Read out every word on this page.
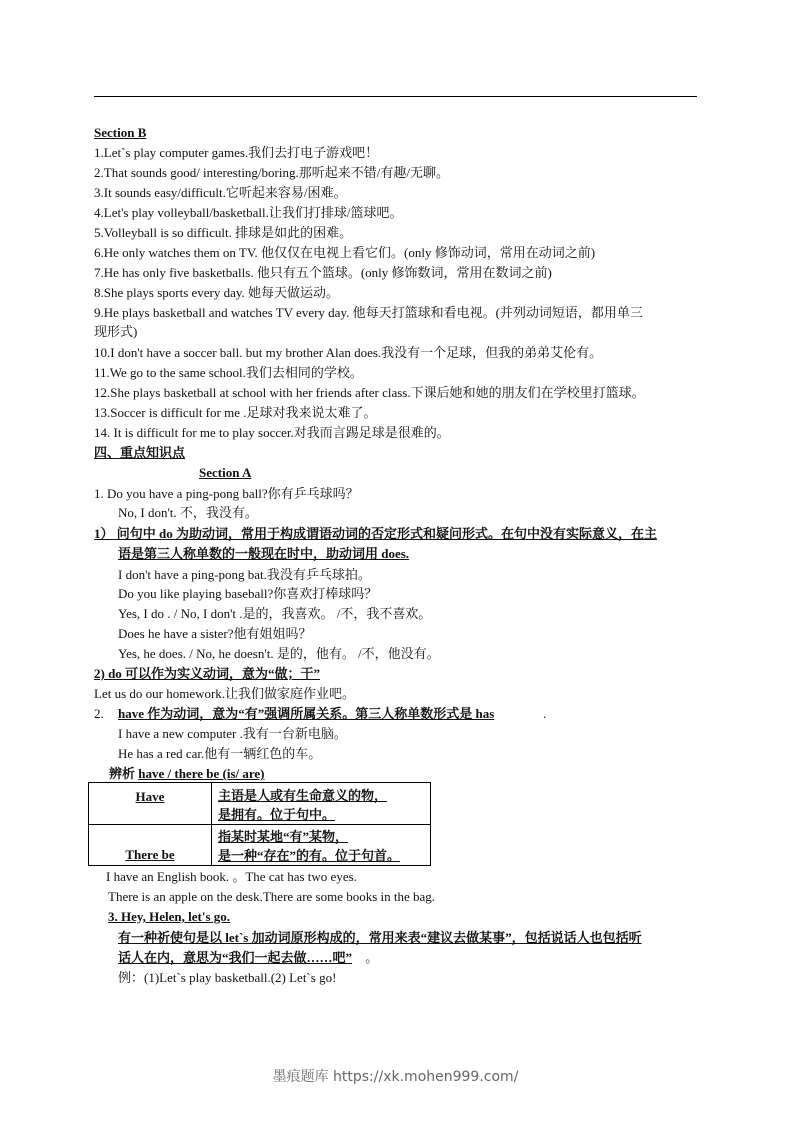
Section B
1.Let`s play computer games.我们去打电子游戏吧！
2.That sounds good/ interesting/boring.那听起来不错/有趣/无聊。
3.It sounds easy/difficult.它听起来容易/困难。
4.Let's play volleyball/basketball.让我们打排球/篮球吧。
5.Volleyball is so difficult. 排球是如此的困难。
6.He only watches them on TV. 他仅仅在电视上看它们。(only 修饰动词，常用在动词之前)
7.He has only five basketballs. 他只有五个篮球。(only 修饰数词，常用在数词之前)
8.She plays sports every day. 她每天做运动。
9.He plays basketball and watches TV every day. 他每天打篮球和看电视。(并列动词短语，都用单三
现形式)
10.I don't have a soccer ball. but my brother Alan does.我没有一个足球，但我的弟弟艾伦有。
11.We go to the same school.我们去相同的学校。
12.She plays basketball at school with her friends after class.下课后她和她的朋友们在学校里打篮球。
13.Soccer is difficult for me .足球对我来说太难了。
14. It is difficult for me to play soccer.对我而言踢足球是很难的。
四、重点知识点
Section A
1. Do you have a ping-pong ball?你有乒乓球吗？
No, I don't. 不，我没有。
1） 问句中 do 为助动词，常用于构成谓语动词的否定形式和疑问形式。在句中没有实际意义，在主
语是第三人称单数的一般现在时中，助动词用 does.
I don't have a ping-pong bat.我没有乒乓球拍。
Do you like playing baseball?你喜欢打棒球吗？
Yes, I do . / No, I don't .是的，我喜欢。 /不，我不喜欢。
Does he have a sister?他有姐姐吗？
Yes, he does. / No, he doesn't. 是的，他有。 /不，他没有。
2) do 可以作为实义动词，意为“做；干”
Let us do our homework.让我们做家庭作业吧。
2. have 作为动词，意为“有”强调所属关系。第三人称单数形式是 has	.
I have a new computer .我有一台新电脑。
He has a red car.他有一辆红色的车。
辨析 have / there be (is/ are)
Have	主语是人或有生命意义的物，
是拥有。位于句中。

There be	指某时某地“有”某物，
是一种“存在”的有。位于句首。
I have an English book. 。The cat has two eyes.
There is an apple on the desk.There are some books in the bag.
3. Hey, Helen, let's go.
有一种祈使句是以 let`s 加动词原形构成的，常用来表“建议去做某事”，包括说话人也包括听
话人在内，意思为“我们一起去做……吧” 。
例：(1)Let`s play basketball.(2) Let`s go!
墨痕题库 https://xk.mohen999.com/
